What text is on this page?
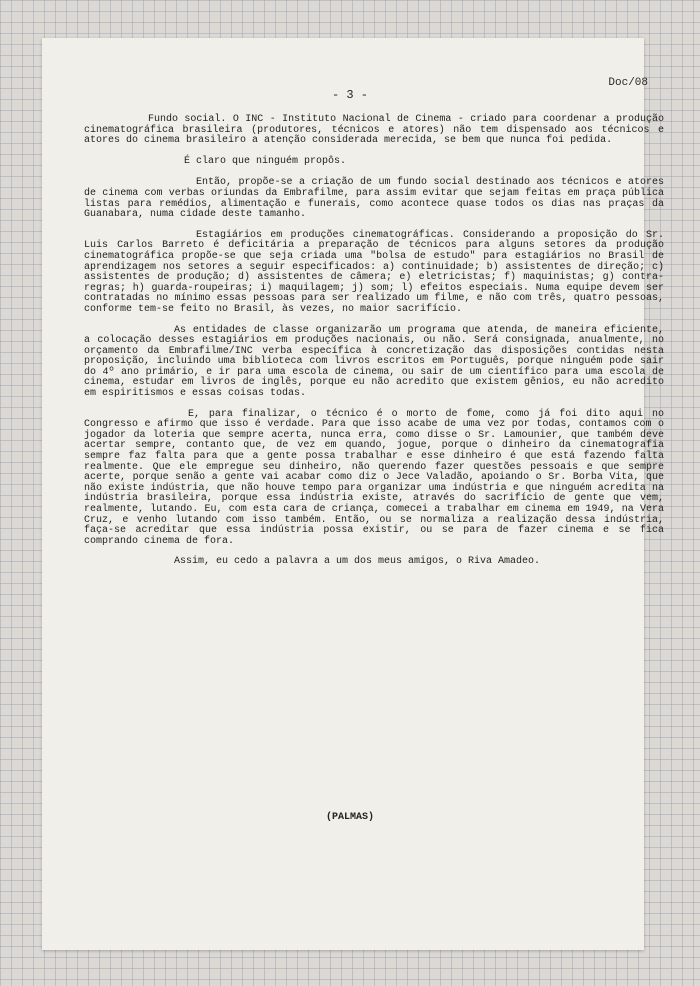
Doc/08
- 3 -

Fundo social. O INC - Instituto Nacional de Cinema - criado para coordenar a produção cinematográfica brasileira (produtores, técnicos e atores) não tem dispensado aos técnicos e atores do cinema brasileiro a atenção considerada merecida, se bem que nunca foi pedida.

É claro que ninguém propôs.

Então, propõe-se a criação de um fundo social destinado aos técnicos e atores de cinema com verbas oriundas da Embrafilme, para assim evitar que sejam feitas em praça pública listas para remédios, alimentação e funerais, como acontece quase todos os dias nas praças da Guanabara, numa cidade deste tamanho.

Estagiários em produções cinematográficas. Considerando a proposição do Sr. Luis Carlos Barreto é deficitária a preparação de técnicos para alguns setores da produção cinematográfica propõe-se que seja criada uma "bolsa de estudo" para estagiários no Brasil de aprendizagem nos setores a seguir especificados: a) continuidade; b) assistentes de direção; c) assistentes de produção; d) assistentes de câmera; e) eletricistas; f) maquinistas; g) contra-regras; h) guarda-roupeiras; i) maquilagem; j) som; l) efeitos especiais. Numa equipe devem ser contratadas no mínimo essas pessoas para ser realizado um filme, e não com três, quatro pessoas, conforme tem-se feito no Brasil, às vezes, no maior sacrifício.

As entidades de classe organizarão um programa que atenda, de maneira eficiente, a colocação desses estagiários em produções nacionais, ou não. Será consignada, anualmente, no orçamento da Embrafilme/INC verba específica à concretização das disposições contidas nesta proposição, incluindo uma biblioteca com livros escritos em Português, porque ninguém pode sair do 4º ano primário, e ir para uma escola de cinema, ou sair de um científico para uma escola de cinema, estudar em livros de inglês, porque eu não acredito que existem gênios, eu não acredito em espiritismos e essas coisas todas.

E, para finalizar, o técnico é o morto de fome, como já foi dito aqui no Congresso e afirmo que isso é verdade. Para que isso acabe de uma vez por todas, contamos com o jogador da loteria que sempre acerta, nunca erra, como disse o Sr. Lamounier, que também deve acertar sempre, contanto que, de vez em quando, jogue, porque o dinheiro da cinematografia sempre faz falta para que a gente possa trabalhar e esse dinheiro é que está fazendo falta realmente. Que ele empregue seu dinheiro, não querendo fazer questões pessoais e que sempre acerte, porque senão a gente vai acabar como diz o Jece Valadão, apoiando o Sr. Borba Vita, que não existe indústria, que não houve tempo para organizar uma indústria e que ninguém acredita na indústria brasileira, porque essa indústria existe, através do sacrifício de gente que vem, realmente, lutando. Eu, com esta cara de criança, comecei a trabalhar em cinema em 1949, na Vera Cruz, e venho lutando com isso também. Então, ou se normaliza a realização dessa indústria, faça-se acreditar que essa indústria possa existir, ou se para de fazer cinema e se fica comprando cinema de fora.

Assim, eu cedo a palavra a um dos meus amigos, o Riva Amadeo.

(PALMAS)
